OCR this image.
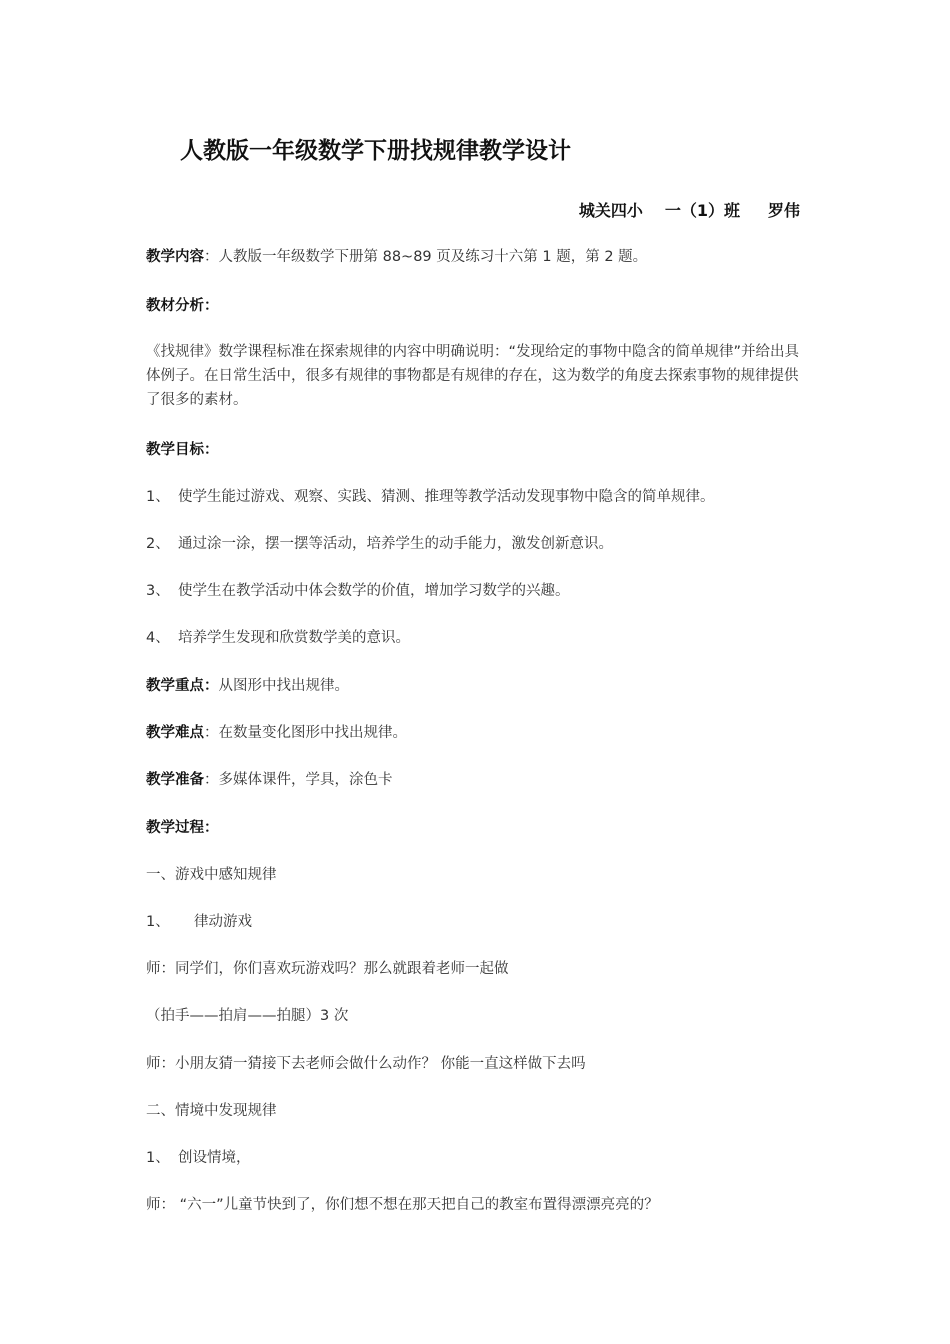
人教版一年级数学下册找规律教学设计
城关四小 一（1）班 罗伟
教学内容：人教版一年级数学下册第 88~89 页及练习十六第 1 题，第 2 题。
教材分析：
《找规律》数学课程标准在探索规律的内容中明确说明：“发现给定的事物中隐含的简单规律”并给出具体例子。在日常生活中，很多有规律的事物都是有规律的存在，这为数学的角度去探索事物的规律提供了很多的素材。
教学目标：
1、 使学生能过游戏、观察、实践、猜测、推理等教学活动发现事物中隐含的简单规律。
2、 通过涂一涂，摆一摆等活动，培养学生的动手能力，激发创新意识。
3、 使学生在教学活动中体会数学的价值，增加学习数学的兴趣。
4、 培养学生发现和欣赏数学美的意识。
教学重点：从图形中找出规律。
教学难点：在数量变化图形中找出规律。
教学准备：多媒体课件，学具，涂色卡
教学过程：
一、游戏中感知规律
1、 律动游戏
师：同学们，你们喜欢玩游戏吗？那么就跟着老师一起做
（拍手——拍肩——拍腿）3 次
师：小朋友猜一猜接下去老师会做什么动作？ 你能一直这样做下去吗
二、情境中发现规律
1、 创设情境，
师： “六一”儿童节快到了，你们想不想在那天把自己的教室布置得漂漂亮亮的？
